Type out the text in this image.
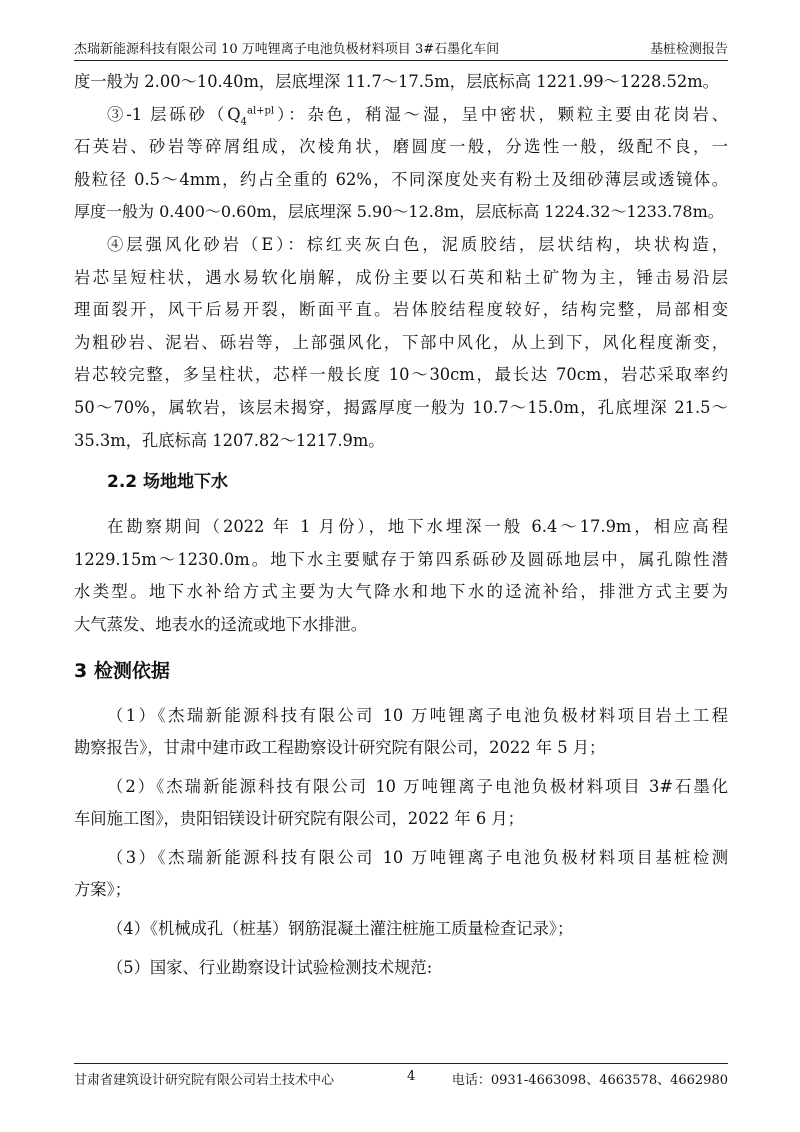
杰瑞新能源科技有限公司 10 万吨锂离子电池负极材料项目 3#石墨化车间	基桩检测报告

度一般为 2.00～10.40m，层底埋深 11.7～17.5m，层底标高 1221.99～1228.52m。

③-1 层砾砂$(Q_4^{al+pl})$：杂色，稍湿～湿，呈中密状，颗粒主要由花岗岩、

石英岩、砂岩等碎屑组成，次棱角状，磨圆度一般，分选性一般，级配不良，一

般粒径 0.5～4mm，约占全重的 62%，不同深度处夹有粉土及细砂薄层或透镜体。

厚度一般为 0.400～0.60m，层底埋深 5.90～12.8m，层底标高 1224.32～1233.78m。

④层强风化砂岩（E）：棕红夹灰白色，泥质胶结，层状结构，块状构造，

岩芯呈短柱状，遇水易软化崩解，成份主要以石英和粘土矿物为主，锤击易沿层

理面裂开，风干后易开裂，断面平直。岩体胶结程度较好，结构完整，局部相变

为粗砂岩、泥岩、砾岩等，上部强风化，下部中风化，从上到下，风化程度渐变，

岩芯较完整，多呈柱状，芯样一般长度 10～30cm，最长达 70cm，岩芯采取率约

50～70%，属软岩，该层未揭穿，揭露厚度一般为 10.7～15.0m，孔底埋深 21.5～

35.3m，孔底标高 1207.82～1217.9m。

2.2 场地地下水

在勘察期间（2022 年 1 月份），地下水埋深一般 6.4～17.9m，相应高程

1229.15m～1230.0m。地下水主要赋存于第四系砾砂及圆砾地层中，属孔隙性潜

水类型。地下水补给方式主要为大气降水和地下水的迳流补给，排泄方式主要为

大气蒸发、地表水的迳流或地下水排泄。

3 检测依据

（1）《杰瑞新能源科技有限公司 10 万吨锂离子电池负极材料项目岩土工程

勘察报告》，甘肃中建市政工程勘察设计研究院有限公司，2022 年 5 月；

（2）《杰瑞新能源科技有限公司 10 万吨锂离子电池负极材料项目 3#石墨化

车间施工图》，贵阳铝镁设计研究院有限公司，2022 年 6 月；

（3）《杰瑞新能源科技有限公司 10 万吨锂离子电池负极材料项目基桩检测

方案》；

（4）《机械成孔（桩基）钢筋混凝土灌注桩施工质量检查记录》；

（5）国家、行业勘察设计试验检测技术规范:

甘肃省建筑设计研究院有限公司岩土技术中心	4	电话：0931-4663098、4663578、4662980
